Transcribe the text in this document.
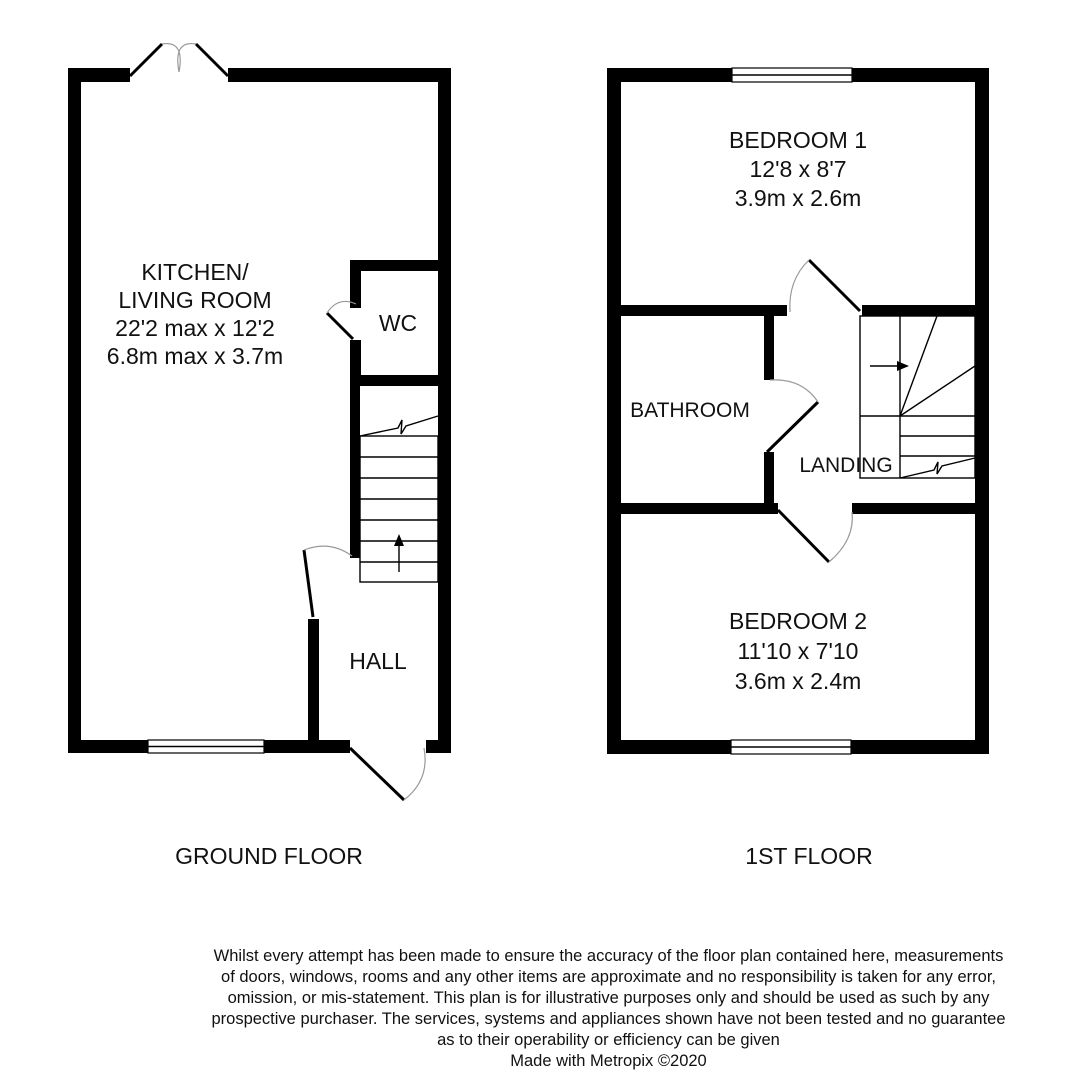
KITCHEN/
LIVING ROOM
22'2 max x 12'2
6.8m max x 3.7m
WC
HALL
GROUND FLOOR
BEDROOM 1
12'8 x 8'7
3.9m x 2.6m
BATHROOM
LANDING
BEDROOM 2
11'10 x 7'10
3.6m x 2.4m
1ST FLOOR
Whilst every attempt has been made to ensure the accuracy of the floor plan contained here, measurements
of doors, windows, rooms and any other items are approximate and no responsibility is taken for any error,
omission, or mis-statement. This plan is for illustrative purposes only and should be used as such by any
prospective purchaser. The services, systems and appliances shown have not been tested and no guarantee
as to their operability or efficiency can be given
Made with Metropix ©2020
